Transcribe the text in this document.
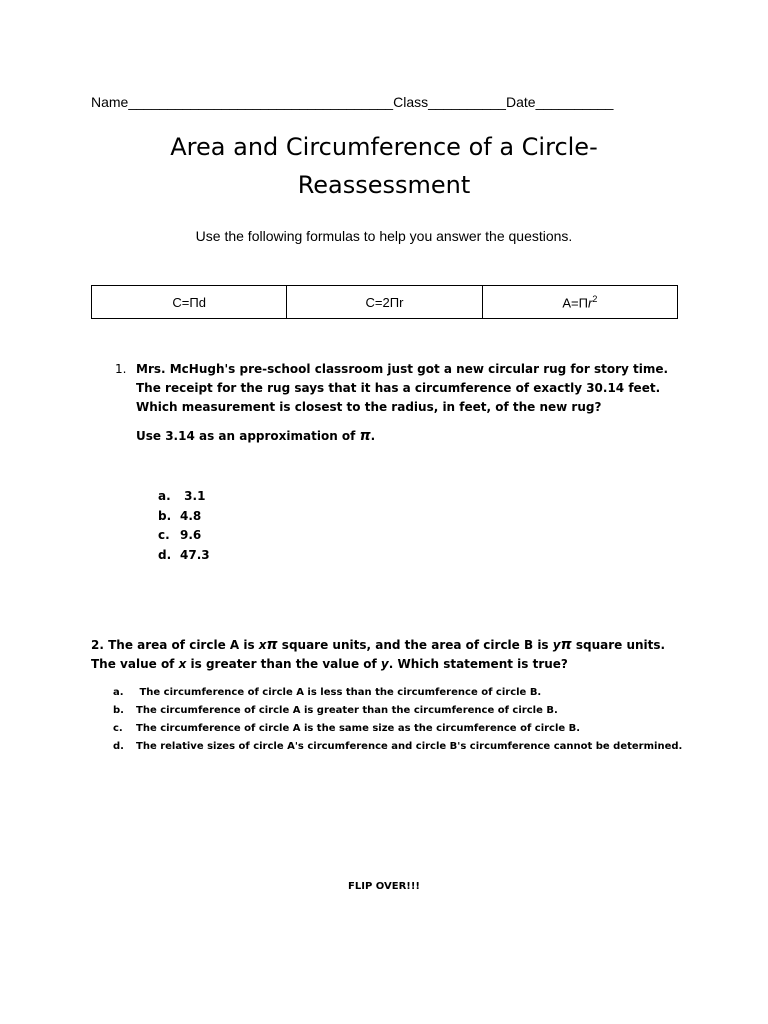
Name__________________________________Class__________Date__________
Area and Circumference of a Circle-
Reassessment
Use the following formulas to help you answer the questions.
C=Πd	C=2Πr	$A=\Pi r^2$
1. Mrs. McHugh's pre-school classroom just got a new circular rug for story time. The receipt for the rug says that it has a circumference of exactly 30.14 feet. Which measurement is closest to the radius, in feet, of the new rug?
Use 3.14 as an approximation of π.
a. 3.1
b. 4.8
c. 9.6
d. 47.3
2. The area of circle A is xπ square units, and the area of circle B is yπ square units. The value of x is greater than the value of y. Which statement is true?
a. The circumference of circle A is less than the circumference of circle B.
b. The circumference of circle A is greater than the circumference of circle B.
c. The circumference of circle A is the same size as the circumference of circle B.
d. The relative sizes of circle A's circumference and circle B's circumference cannot be determined.
FLIP OVER!!!
